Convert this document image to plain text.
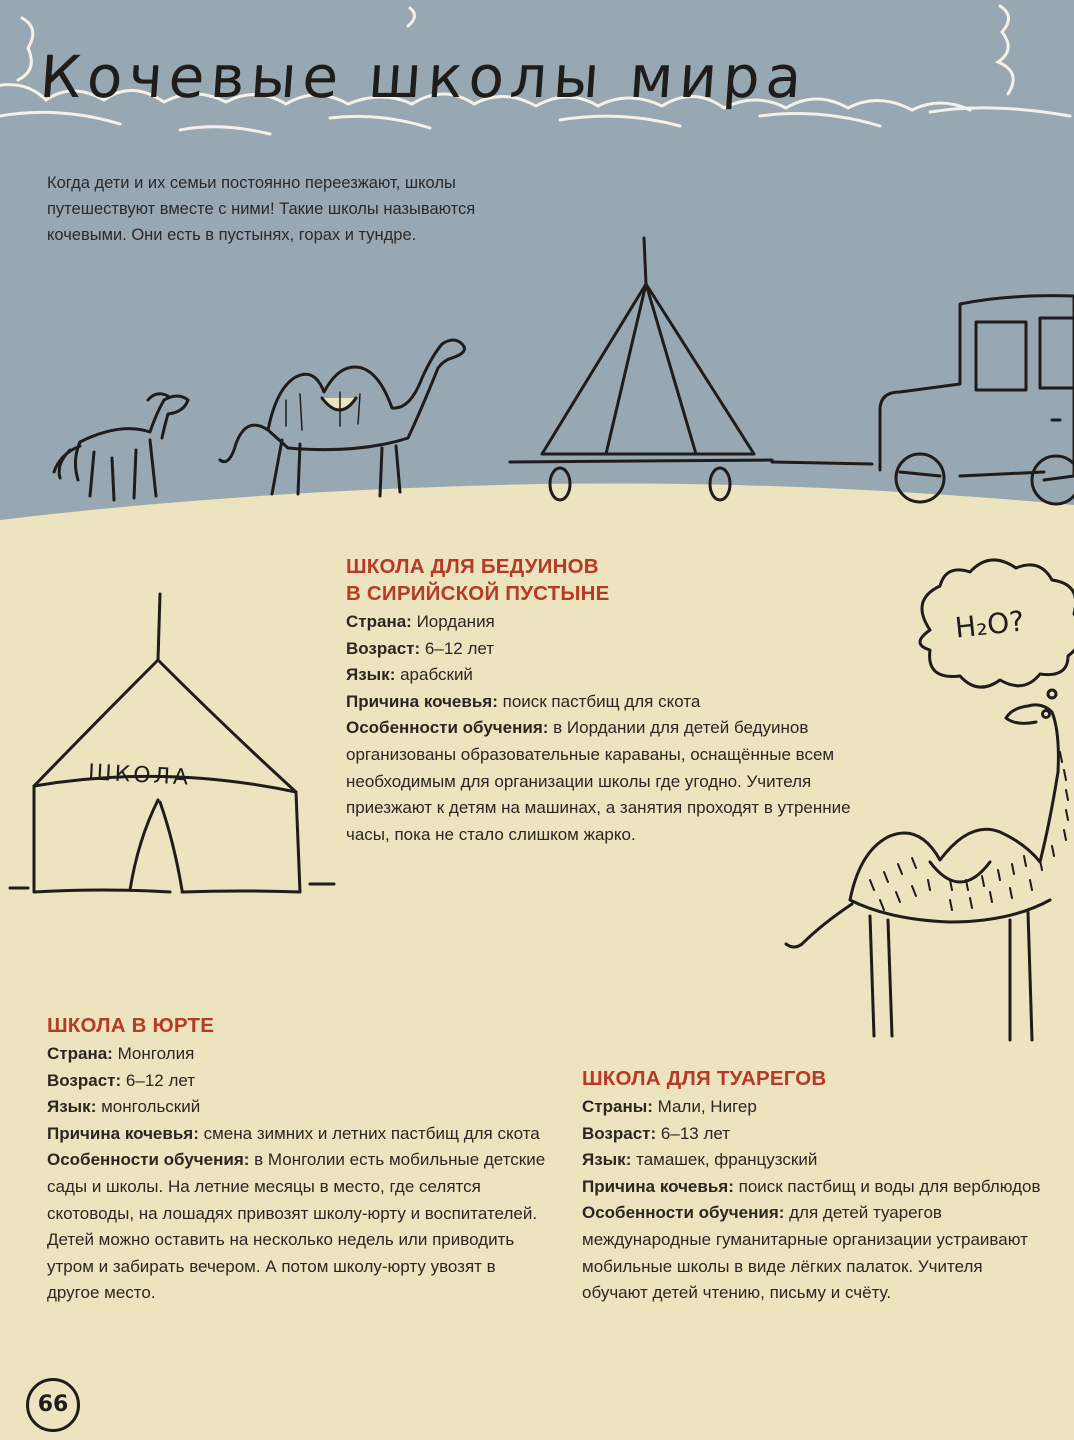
Кочевые школы мира

Когда дети и их семьи постоянно переезжают, школы путешествуют вместе с ними! Такие школы называются кочевыми. Они есть в пустынях, горах и тундре.

ШКОЛА
H₂O?
ШКОЛА ДЛЯ БЕДУИНОВ
В СИРИЙСКОЙ ПУСТЫНЕ

Страна: Иордания

Возраст: 6–12 лет

Язык: арабский

Причина кочевья: поиск пастбищ для скота

Особенности обучения: в Иордании для детей бедуинов организованы образовательные караваны, оснащённые всем необходимым для организации школы где угодно. Учителя приезжают к детям на машинах, а занятия проходят в утренние часы, пока не стало слишком жарко.

ШКОЛА В ЮРТЕ

Страна: Монголия

Возраст: 6–12 лет

Язык: монгольский

Причина кочевья: смена зимних и летних пастбищ для скота

Особенности обучения: в Монголии есть мобильные детские сады и школы. На летние месяцы в место, где селятся скотоводы, на лошадях привозят школу-юрту и воспитателей. Детей можно оставить на несколько недель или приводить утром и забирать вечером. А потом школу-юрту увозят в другое место.

ШКОЛА ДЛЯ ТУАРЕГОВ

Страны: Мали, Нигер

Возраст: 6–13 лет

Язык: тамашек, французский

Причина кочевья: поиск пастбищ и воды для верблюдов

Особенности обучения: для детей туарегов международные гуманитарные организации устраивают мобильные школы в виде лёгких палаток. Учителя обучают детей чтению, письму и счёту.

66
